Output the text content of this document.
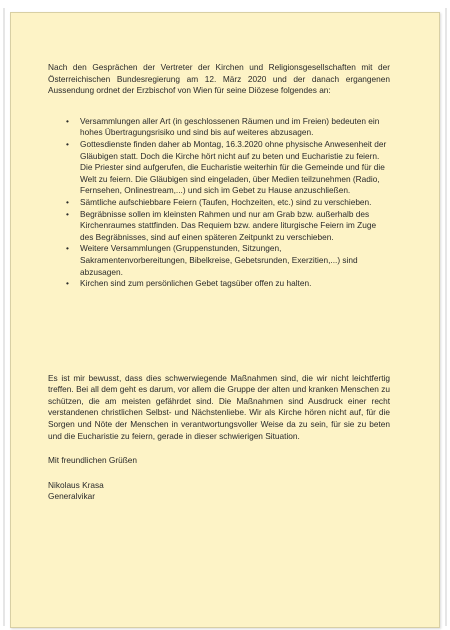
Nach den Gesprächen der Vertreter der Kirchen und Religionsgesellschaften mit der Österreichischen Bundesregierung am 12. März 2020 und der danach ergangenen Aussendung ordnet der Erzbischof von Wien für seine Diözese folgendes an:

• Versammlungen aller Art (in geschlossenen Räumen und im Freien) bedeuten ein hohes Übertragungsrisiko und sind bis auf weiteres abzusagen.
• Gottesdienste finden daher ab Montag, 16.3.2020 ohne physische Anwesenheit der Gläubigen statt. Doch die Kirche hört nicht auf zu beten und Eucharistie zu feiern. Die Priester sind aufgerufen, die Eucharistie weiterhin für die Gemeinde und für die Welt zu feiern. Die Gläubigen sind eingeladen, über Medien teilzunehmen (Radio, Fernsehen, Onlinestream,...) und sich im Gebet zu Hause anzuschließen.
• Sämtliche aufschiebbare Feiern (Taufen, Hochzeiten, etc.) sind zu verschieben.
• Begräbnisse sollen im kleinsten Rahmen und nur am Grab bzw. außerhalb des Kirchenraumes stattfinden. Das Requiem bzw. andere liturgische Feiern im Zuge des Begräbnisses, sind auf einen späteren Zeitpunkt zu verschieben.
• Weitere Versammlungen (Gruppenstunden, Sitzungen, Sakramentenvorbereitungen, Bibelkreise, Gebetsrunden, Exerzitien,...) sind abzusagen.
• Kirchen sind zum persönlichen Gebet tagsüber offen zu halten.

Es ist mir bewusst, dass dies schwerwiegende Maßnahmen sind, die wir nicht leichtfertig treffen. Bei all dem geht es darum, vor allem die Gruppe der alten und kranken Menschen zu schützen, die am meisten gefährdet sind. Die Maßnahmen sind Ausdruck einer recht verstandenen christlichen Selbst- und Nächstenliebe. Wir als Kirche hören nicht auf, für die Sorgen und Nöte der Menschen in verantwortungsvoller Weise da zu sein, für sie zu beten und die Eucharistie zu feiern, gerade in dieser schwierigen Situation.

Mit freundlichen Grüßen

Nikolaus Krasa

Generalvikar
